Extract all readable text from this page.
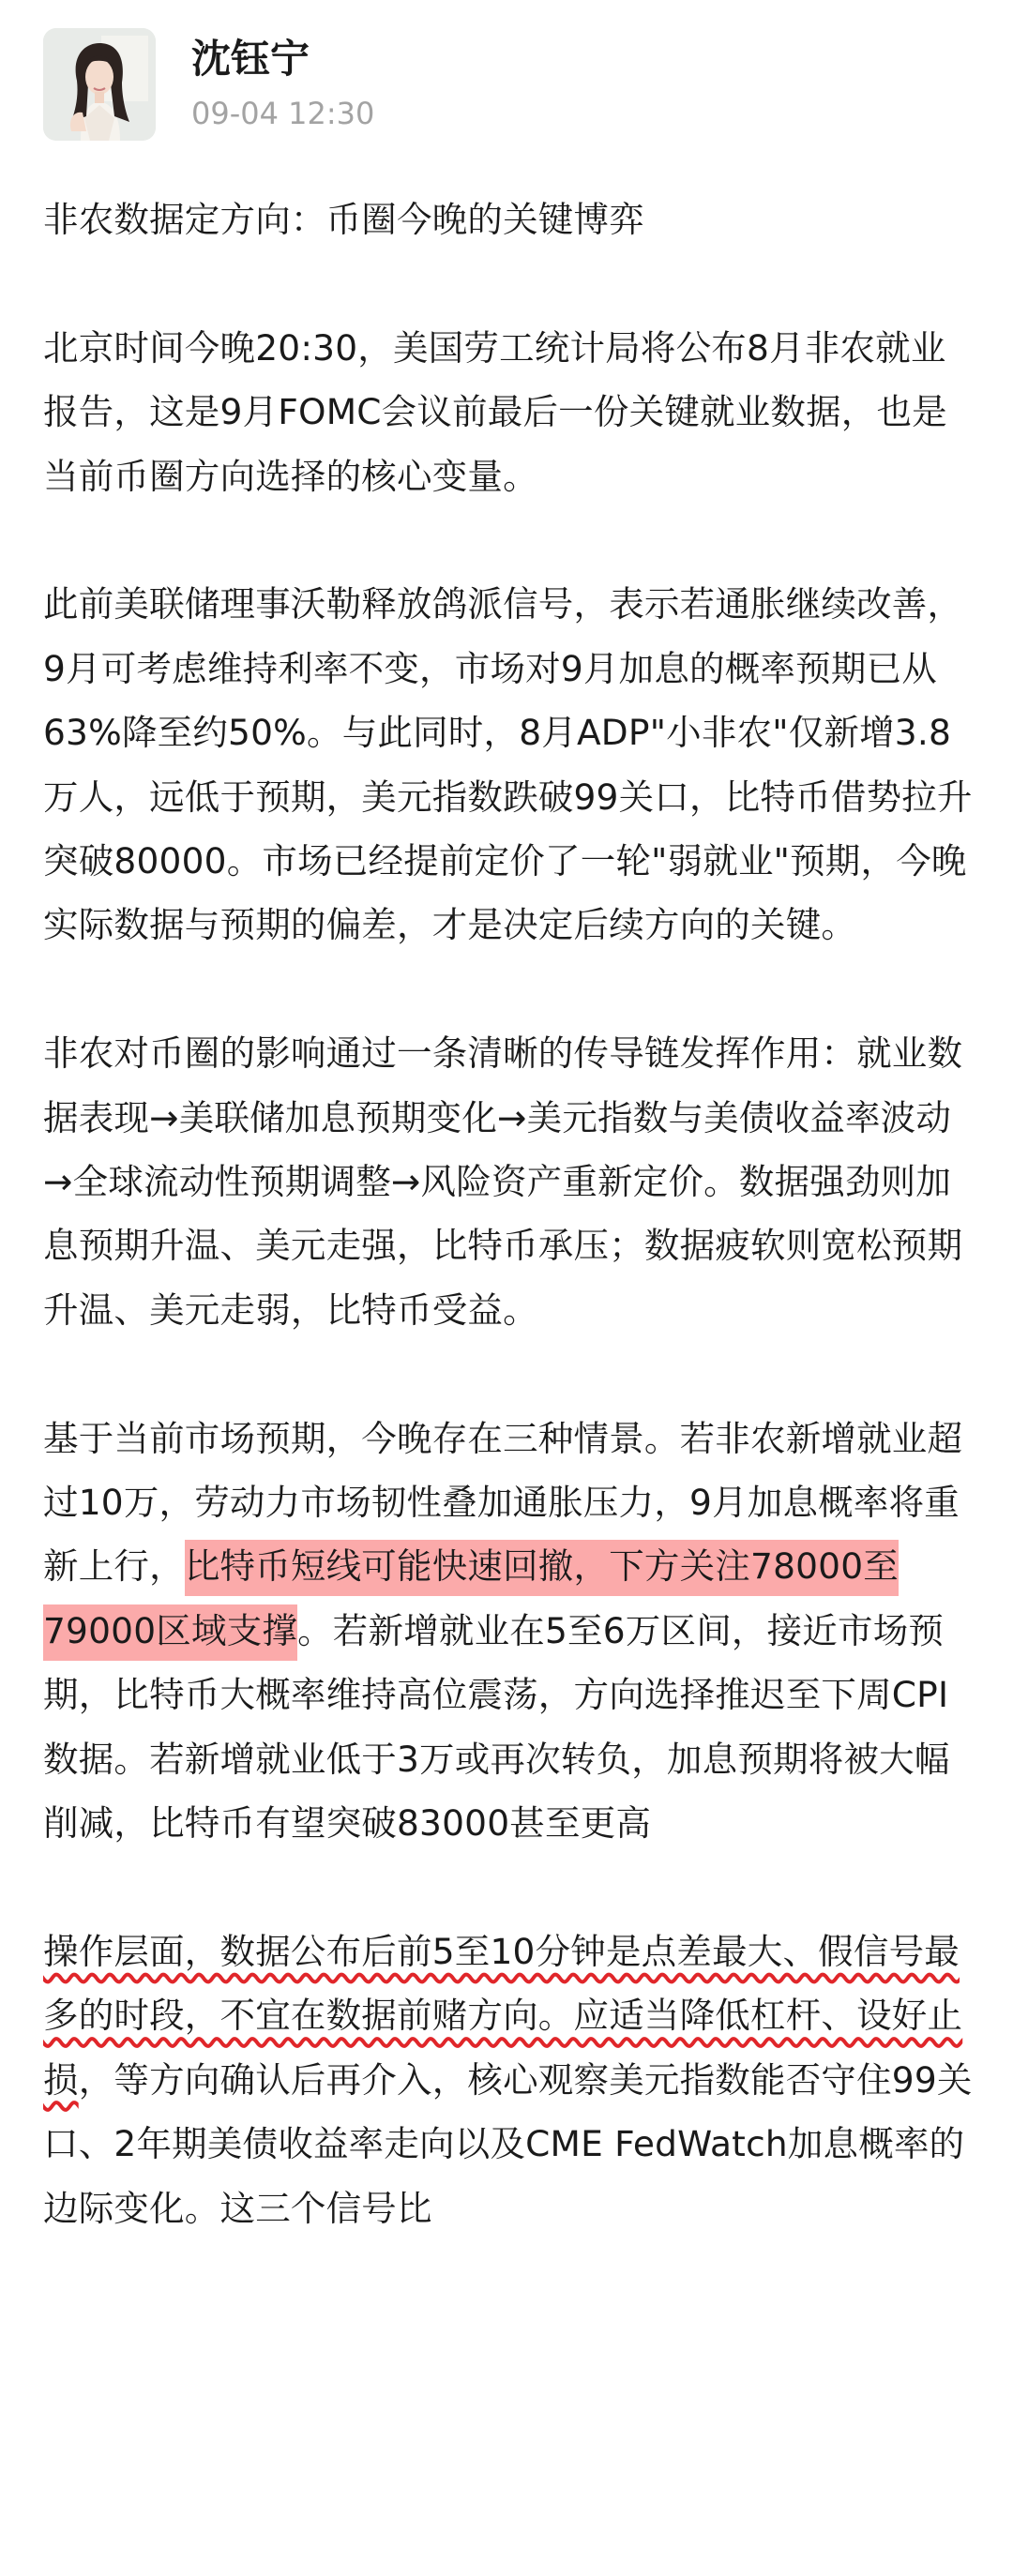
沈钰宁
09-04 12:30

非农数据定方向：币圈今晚的关键博弈

北京时间今晚20:30，美国劳工统计局将公布8月非农就业报告，这是9月FOMC会议前最后一份关键就业数据，也是当前币圈方向选择的核心变量。

此前美联储理事沃勒释放鸽派信号，表示若通胀继续改善，9月可考虑维持利率不变，市场对9月加息的概率预期已从63%降至约50%。与此同时，8月ADP"小非农"仅新增3.8万人，远低于预期，美元指数跌破99关口，比特币借势拉升突破80000。市场已经提前定价了一轮"弱就业"预期，今晚实际数据与预期的偏差，才是决定后续方向的关键。

非农对币圈的影响通过一条清晰的传导链发挥作用：就业数据表现→美联储加息预期变化→美元指数与美债收益率波动→全球流动性预期调整→风险资产重新定价。数据强劲则加息预期升温、美元走强，比特币承压；数据疲软则宽松预期升温、美元走弱，比特币受益。

基于当前市场预期，今晚存在三种情景。若非农新增就业超过10万，劳动力市场韧性叠加通胀压力，9月加息概率将重新上行，比特币短线可能快速回撤，下方关注78000至79000区域支撑。若新增就业在5至6万区间，接近市场预期，比特币大概率维持高位震荡，方向选择推迟至下周CPI数据。若新增就业低于3万或再次转负，加息预期将被大幅削减，比特币有望突破83000甚至更高

操作层面，数据公布后前5至10分钟是点差最大、假信号最多的时段，不宜在数据前赌方向。应适当降低杠杆、设好止损，等方向确认后再介入，核心观察美元指数能否守住99关口、2年期美债收益率走向以及CME FedWatch加息概率的边际变化。这三个信号比
